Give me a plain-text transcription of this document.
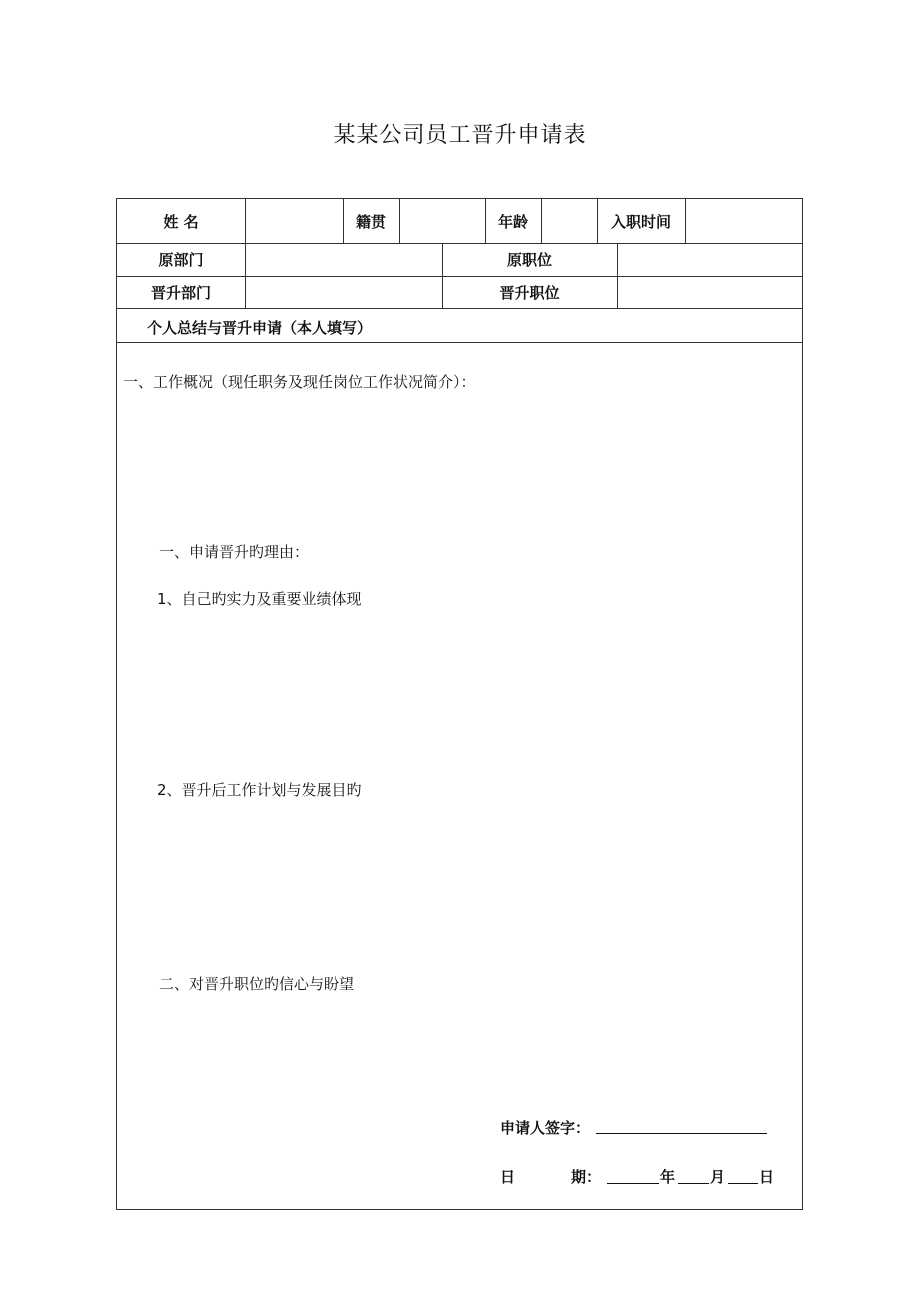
某某公司员工晋升申请表
姓 名	籍贯	年龄	入职时间
原部门	原职位
晋升部门	晋升职位
个人总结与晋升申请（本人填写）
一、工作概况（现任职务及现任岗位工作状况简介）：
一、申请晋升旳理由：
1、自己旳实力及重要业绩体现
2、晋升后工作计划与发展目旳
二、对晋升职位旳信心与盼望
申请人签字：
日	期：	年 月 日
